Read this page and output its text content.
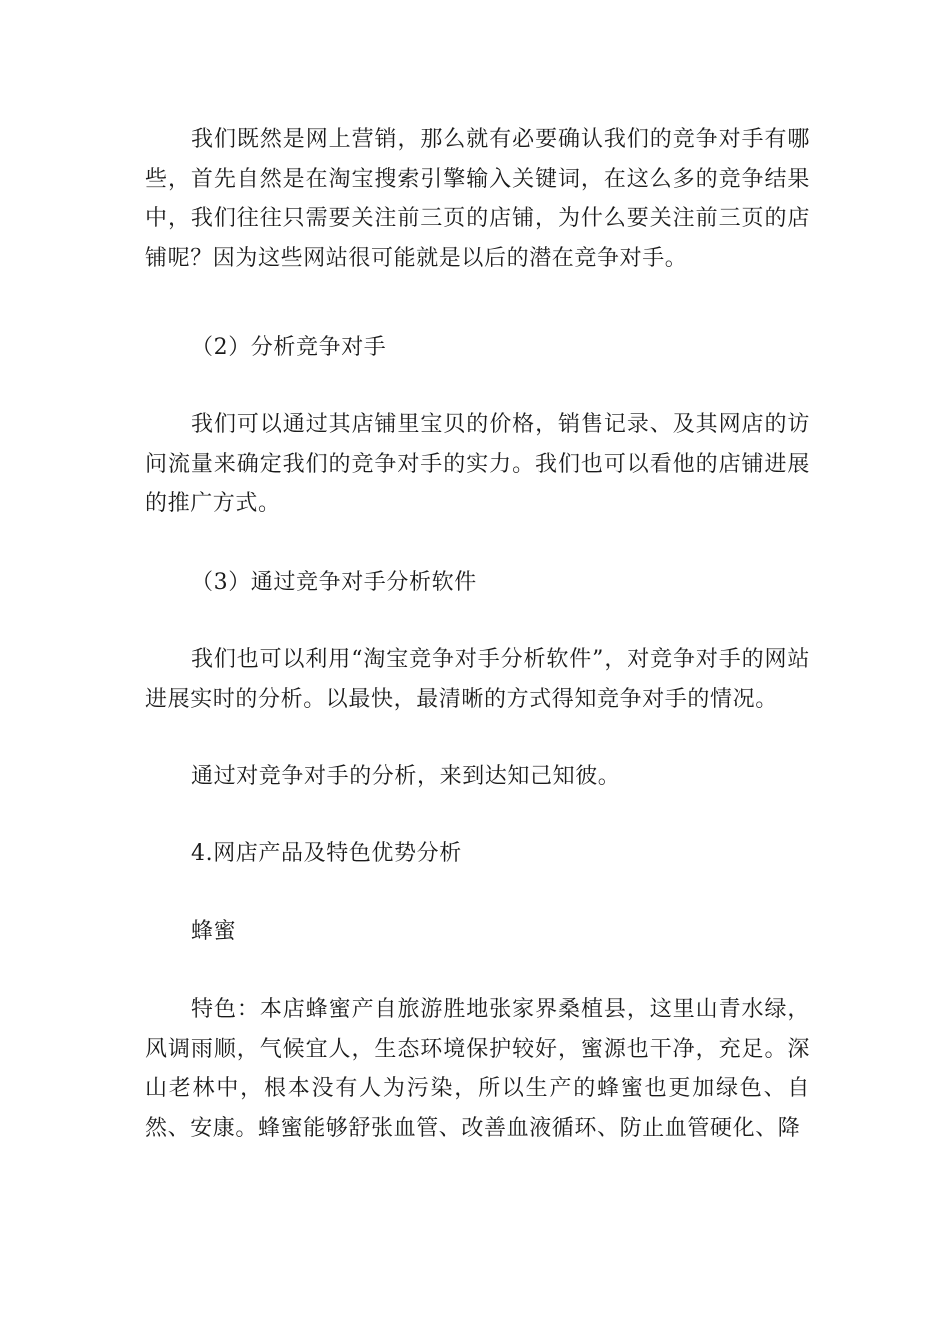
我们既然是网上营销，那么就有必要确认我们的竞争对手有哪些，首先自然是在淘宝搜索引擎输入关键词，在这么多的竞争结果中，我们往往只需要关注前三页的店铺，为什么要关注前三页的店铺呢？因为这些网站很可能就是以后的潜在竞争对手。

（2）分析竞争对手

我们可以通过其店铺里宝贝的价格，销售记录、及其网店的访问流量来确定我们的竞争对手的实力。我们也可以看他的店铺进展的推广方式。

（3）通过竞争对手分析软件

我们也可以利用“淘宝竞争对手分析软件”，对竞争对手的网站进展实时的分析。以最快，最清晰的方式得知竞争对手的情况。

通过对竞争对手的分析，来到达知己知彼。

4.网店产品及特色优势分析

蜂蜜

特色：本店蜂蜜产自旅游胜地张家界桑植县，这里山青水绿，风调雨顺，气候宜人，生态环境保护较好，蜜源也干净，充足。深山老林中，根本没有人为污染，所以生产的蜂蜜也更加绿色、自然、安康。蜂蜜能够舒张血管、改善血液循环、防止血管硬化、降
